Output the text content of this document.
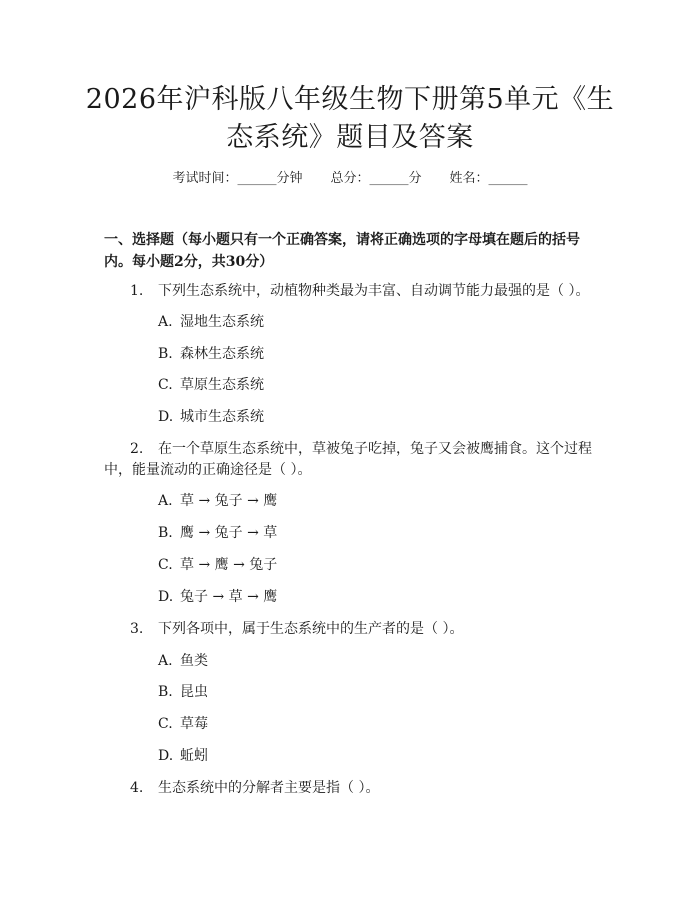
2026年沪科版八年级生物下册第5单元《生
态系统》题目及答案
考试时间：______分钟 总分：______分 姓名：______
一、选择题（每小题只有一个正确答案，请将正确选项的字母填在题后的括号
内。每小题2分，共30分）
1. 下列生态系统中，动植物种类最为丰富、自动调节能力最强的是（ ）。
A. 湿地生态系统
B. 森林生态系统
C. 草原生态系统
D. 城市生态系统
2. 在一个草原生态系统中，草被兔子吃掉，兔子又会被鹰捕食。这个过程
中，能量流动的正确途径是（ ）。
A. 草 → 兔子 → 鹰
B. 鹰 → 兔子 → 草
C. 草 → 鹰 → 兔子
D. 兔子 → 草 → 鹰
3. 下列各项中，属于生态系统中的生产者的是（ ）。
A. 鱼类
B. 昆虫
C. 草莓
D. 蚯蚓
4. 生态系统中的分解者主要是指（ ）。
